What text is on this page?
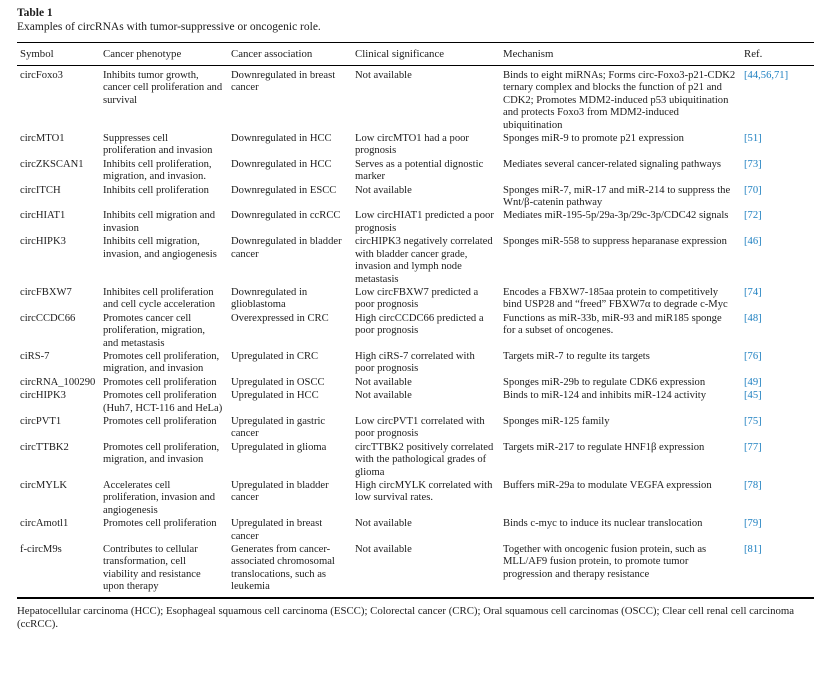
Table 1
Examples of circRNAs with tumor-suppressive or oncogenic role.
Symbol	Cancer phenotype	Cancer association	Clinical significance	Mechanism	Ref.
circFoxo3	Inhibits tumor growth, cancer cell proliferation and survival	Downregulated in breast cancer	Not available	Binds to eight miRNAs; Forms circ-Foxo3-p21-CDK2 ternary complex and blocks the function of p21 and CDK2; Promotes MDM2-induced p53 ubiquitination and protects Foxo3 from MDM2-induced ubiquitination	[44,56,71]
circMTO1	Suppresses cell proliferation and invasion	Downregulated in HCC	Low circMTO1 had a poor prognosis	Sponges miR-9 to promote p21 expression	[51]
circZKSCAN1	Inhibits cell proliferation, migration, and invasion.	Downregulated in HCC	Serves as a potential dignostic marker	Mediates several cancer-related signaling pathways	[73]
circITCH	Inhibits cell proliferation	Downregulated in ESCC	Not available	Sponges miR-7, miR-17 and miR-214 to suppress the Wnt/β-catenin pathway	[70]
circHIAT1	Inhibits cell migration and invasion	Downregulated in ccRCC	Low circHIAT1 predicted a poor prognosis	Mediates miR-195-5p/29a-3p/29c-3p/CDC42 signals	[72]
circHIPK3	Inhibits cell migration, invasion, and angiogenesis	Downregulated in bladder cancer	circHIPK3 negatively correlated with bladder cancer grade, invasion and lymph node metastasis	Sponges miR-558 to suppress heparanase expression	[46]
circFBXW7	Inhibites cell proliferation and cell cycle acceleration	Downregulated in glioblastoma	Low circFBXW7 predicted a poor prognosis	Encodes a FBXW7-185aa protein to competitively bind USP28 and “freed” FBXW7α to degrade c-Myc	[74]
circCCDC66	Promotes cancer cell proliferation, migration, and metastasis	Overexpressed in CRC	High circCCDC66 predicted a poor prognosis	Functions as miR-33b, miR-93 and miR185 sponge for a subset of oncogenes.	[48]
ciRS-7	Promotes cell proliferation, migration, and invasion	Upregulated in CRC	High ciRS-7 correlated with poor prognosis	Targets miR-7 to regulte its targets	[76]
circRNA_100290	Promotes cell proliferation	Upregulated in OSCC	Not available	Sponges miR-29b to regulate CDK6 expression	[49]
circHIPK3	Promotes cell proliferation (Huh7, HCT-116 and HeLa)	Upregulated in HCC	Not available	Binds to miR-124 and inhibits miR-124 activity	[45]
circPVT1	Promotes cell proliferation	Upregulated in gastric cancer	Low circPVT1 correlated with poor prognosis	Sponges miR-125 family	[75]
circTTBK2	Promotes cell proliferation, migration, and invasion	Upregulated in glioma	circTTBK2 positively correlated with the pathological grades of glioma	Targets miR-217 to regulate HNF1β expression	[77]
circMYLK	Accelerates cell proliferation, invasion and angiogenesis	Upregulated in bladder cancer	High circMYLK correlated with low survival rates.	Buffers miR-29a to modulate VEGFA expression	[78]
circAmotl1	Promotes cell proliferation	Upregulated in breast cancer	Not available	Binds c-myc to induce its nuclear translocation	[79]
f-circM9s	Contributes to cellular transformation, cell viability and resistance upon therapy	Generates from cancer-associated chromosomal translocations, such as leukemia	Not available	Together with oncogenic fusion protein, such as MLL/AF9 fusion protein, to promote tumor progression and therapy resistance	[81]
Hepatocellular carcinoma (HCC); Esophageal squamous cell carcinoma (ESCC); Colorectal cancer (CRC); Oral squamous cell carcinomas (OSCC); Clear cell renal cell carcinoma (ccRCC).
